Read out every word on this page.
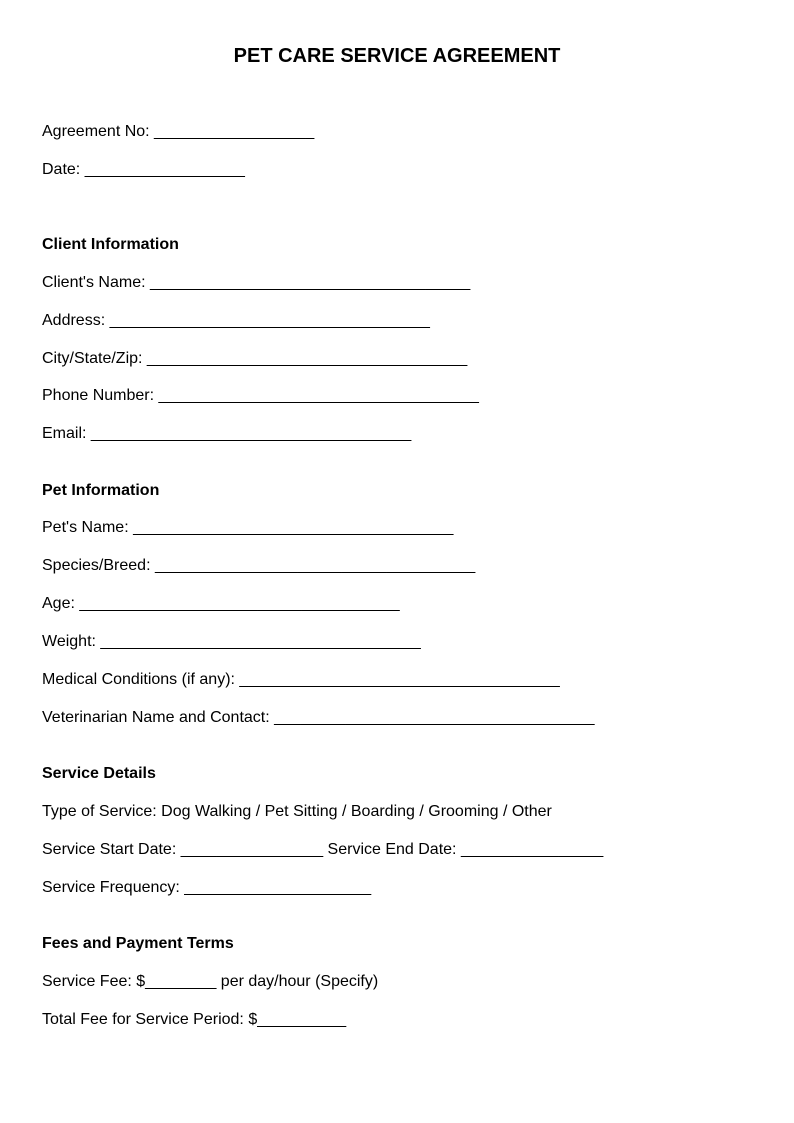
PET CARE SERVICE AGREEMENT
Agreement No: __________________
Date: __________________
Client Information
Client's Name: ____________________________________
Address: ____________________________________
City/State/Zip: ____________________________________
Phone Number: ____________________________________
Email: ____________________________________
Pet Information
Pet's Name: ____________________________________
Species/Breed: ____________________________________
Age: ____________________________________
Weight: ____________________________________
Medical Conditions (if any): ____________________________________
Veterinarian Name and Contact: ____________________________________
Service Details
Type of Service: Dog Walking / Pet Sitting / Boarding / Grooming / Other
Service Start Date: ________________ Service End Date: ________________
Service Frequency: _____________________
Fees and Payment Terms
Service Fee: $________ per day/hour (Specify)
Total Fee for Service Period: $__________
